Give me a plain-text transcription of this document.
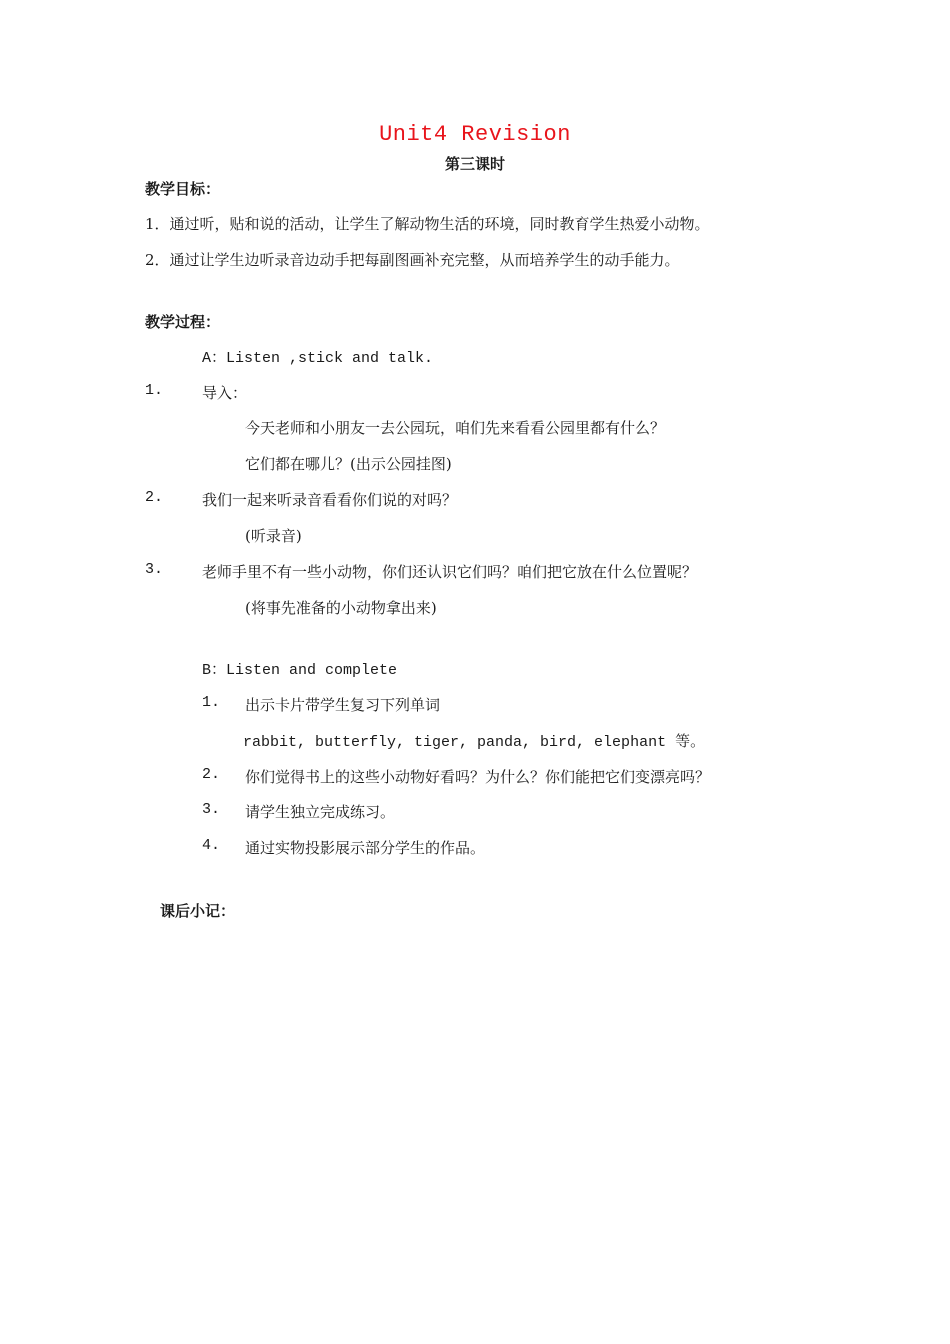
Unit4 Revision
第三课时
教学目标：
1．通过听，贴和说的活动，让学生了解动物生活的环境，同时教育学生热爱小动物。
2．通过让学生边听录音边动手把每副图画补充完整，从而培养学生的动手能力。
教学过程：
A：Listen ,stick and talk.
1.	导入：
今天老师和小朋友一去公园玩，咱们先来看看公园里都有什么？
它们都在哪儿？(出示公园挂图)
2.	我们一起来听录音看看你们说的对吗？
(听录音)
3.	老师手里不有一些小动物，你们还认识它们吗？咱们把它放在什么位置呢？
(将事先准备的小动物拿出来)
B：Listen and complete
1. 出示卡片带学生复习下列单词
rabbit, butterfly, tiger, panda, bird, elephant 等。
2. 你们觉得书上的这些小动物好看吗？为什么？你们能把它们变漂亮吗？
3. 请学生独立完成练习。
4. 通过实物投影展示部分学生的作品。
课后小记：
